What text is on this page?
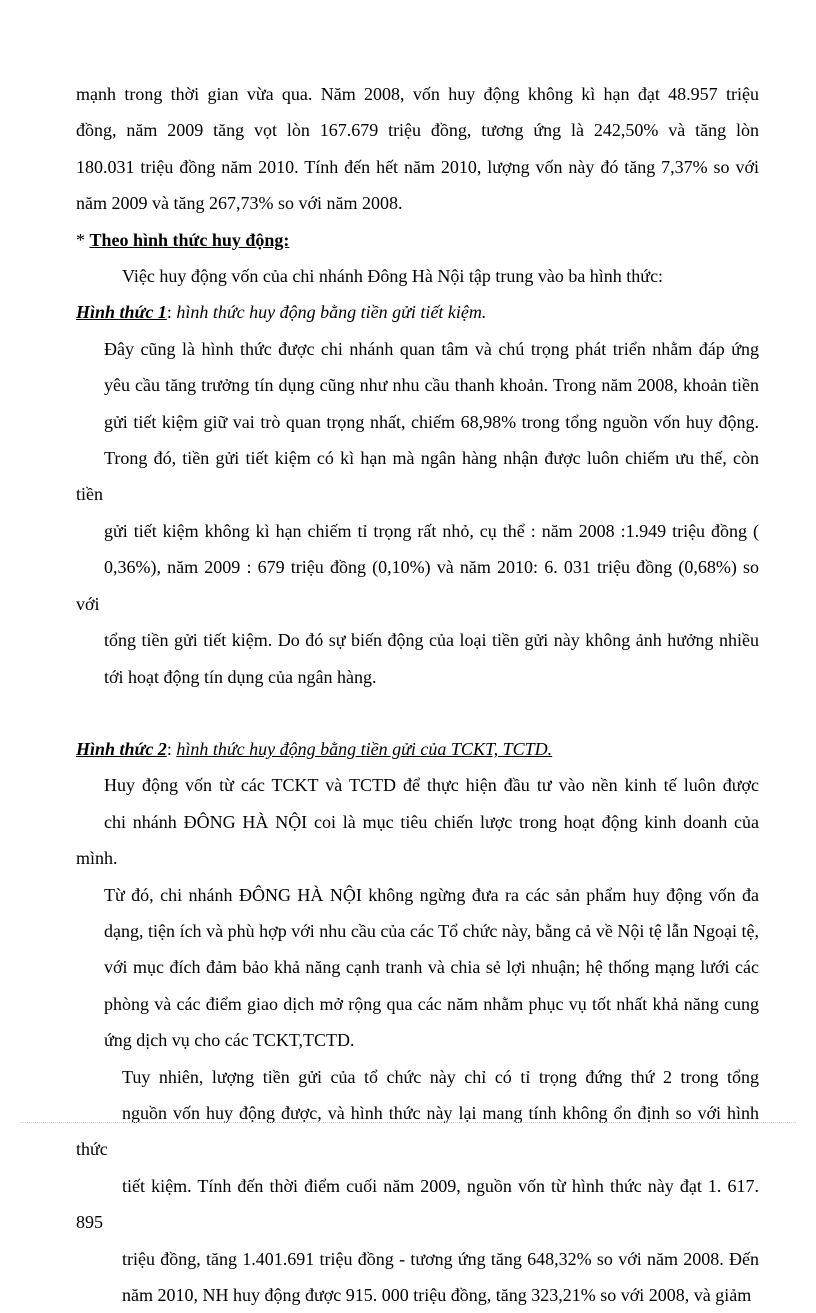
mạnh trong thời gian vừa qua. Năm 2008, vốn huy động không kì hạn đạt 48.957 triệu
đồng, năm 2009 tăng vọt lòn 167.679 triệu đồng, tương ứng là 242,50% và tăng lòn
180.031 triệu đồng năm 2010. Tính đến hết năm 2010, lượng vốn này đó tăng 7,37% so với
năm 2009 và tăng 267,73% so với năm 2008.
* Theo hình thức huy động:
Việc huy động vốn của chi nhánh Đông Hà Nội tập trung vào ba hình thức:
Hình thức 1: hình thức huy động bằng tiền gửi tiết kiệm.
Đây cũng là hình thức được chi nhánh quan tâm và chú trọng phát triển nhằm đáp ứng
yêu cầu tăng trưởng tín dụng cũng như nhu cầu thanh khoản. Trong năm 2008, khoản tiền
gửi tiết kiệm giữ vai trò quan trọng nhất, chiếm 68,98% trong tổng nguồn vốn huy động.
Trong đó, tiền gửi tiết kiệm có kì hạn mà ngân hàng nhận được luôn chiếm ưu thế, còn tiền
gửi tiết kiệm không kì hạn chiếm tỉ trọng rất nhỏ, cụ thể : năm 2008 :1.949 triệu đồng (
0,36%), năm 2009 : 679 triệu đồng (0,10%) và năm 2010: 6. 031 triệu đồng (0,68%) so với
tổng tiền gửi tiết kiệm. Do đó sự biến động của loại tiền gửi này không ảnh hưởng nhiều
tới hoạt động tín dụng của ngân hàng.
Hình thức 2: hình thức huy động bằng tiền gửi của TCKT, TCTD.
Huy động vốn từ các TCKT và TCTD để thực hiện đầu tư vào nền kinh tế luôn được
chi nhánh ĐÔNG HÀ NỘI coi là mục tiêu chiến lược trong hoạt động kinh doanh của mình.
Từ đó, chi nhánh ĐÔNG HÀ NỘI không ngừng đưa ra các sản phẩm huy động vốn đa
dạng, tiện ích và phù hợp với nhu cầu của các Tổ chức này, bằng cả về Nội tệ lẫn Ngoại tệ,
với mục đích đảm bảo khả năng cạnh tranh và chia sẻ lợi nhuận; hệ thống mạng lưới các
phòng và các điểm giao dịch mở rộng qua các năm nhằm phục vụ tốt nhất khả năng cung
ứng dịch vụ cho các TCKT,TCTD.
Tuy nhiên, lượng tiền gửi của tổ chức này chỉ có tỉ trọng đứng thứ 2 trong tổng
nguồn vốn huy động được, và hình thức này lại mang tính không ổn định so với hình thức
tiết kiệm. Tính đến thời điểm cuối năm 2009, nguồn vốn từ hình thức này đạt 1. 617. 895
triệu đồng, tăng 1.401.691 triệu đồng - tương ứng tăng 648,32% so với năm 2008. Đến
năm 2010, NH huy động được 915. 000 triệu đồng, tăng 323,21% so với 2008, và giảm
